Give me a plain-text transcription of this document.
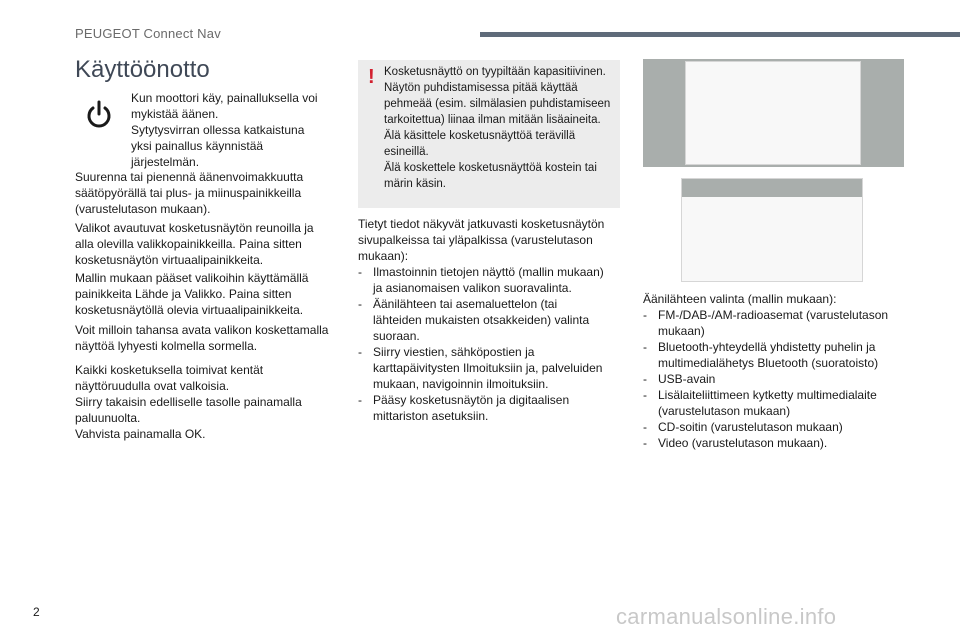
PEUGEOT Connect Nav
Käyttöönotto

Kun moottori käy, painalluksella voi

mykistää äänen.

Sytytysvirran ollessa katkaistuna

yksi painallus käynnistää

järjestelmän.

Suurenna tai pienennä äänenvoimakkuutta

säätöpyörällä tai plus- ja miinuspainikkeilla

(varustelutason mukaan).

Valikot avautuvat kosketusnäytön reunoilla ja

alla olevilla valikkopainikkeilla. Paina sitten

kosketusnäytön virtuaalipainikkeita.

Mallin mukaan pääset valikoihin käyttämällä

painikkeita Lähde ja Valikko. Paina sitten

kosketusnäytöllä olevia virtuaalipainikkeita.

Voit milloin tahansa avata valikon koskettamalla

näyttöä lyhyesti kolmella sormella.

Kaikki kosketuksella toimivat kentät

näyttöruudulla ovat valkoisia.

Siirry takaisin edelliselle tasolle painamalla

paluunuolta.

Vahvista painamalla OK.

! Kosketusnäyttö on tyypiltään kapasitiivinen.

Näytön puhdistamisessa pitää käyttää

pehmeää (esim. silmälasien puhdistamiseen

tarkoitettua) liinaa ilman mitään lisäaineita.

Älä käsittele kosketusnäyttöä terävillä

esineillä.

Älä koskettele kosketusnäyttöä kostein tai

märin käsin.

Tietyt tiedot näkyvät jatkuvasti kosketusnäytön

sivupalkeissa tai yläpalkissa (varustelutason

mukaan):

- Ilmastoinnin tietojen näyttö (mallin mukaan)

ja asianomaisen valikon suoravalinta.

- Äänilähteen tai asemaluettelon (tai

lähteiden mukaisten otsakkeiden) valinta

suoraan.

- Siirry viestien, sähköpostien ja

karttapäivitysten Ilmoituksiin ja, palveluiden

mukaan, navigoinnin ilmoituksiin.

- Pääsy kosketusnäytön ja digitaalisen

mittariston asetuksiin.

Äänilähteen valinta (mallin mukaan):

- FM-/DAB-/AM-radioasemat (varustelutason

mukaan)

- Bluetooth-yhteydellä yhdistetty puhelin ja

multimedialähetys Bluetooth (suoratoisto)

- USB-avain

- Lisälaiteliittimeen kytketty multimedialaite

(varustelutason mukaan)

- CD-soitin (varustelutason mukaan)

- Video (varustelutason mukaan).

2	carmanualsonline.info
